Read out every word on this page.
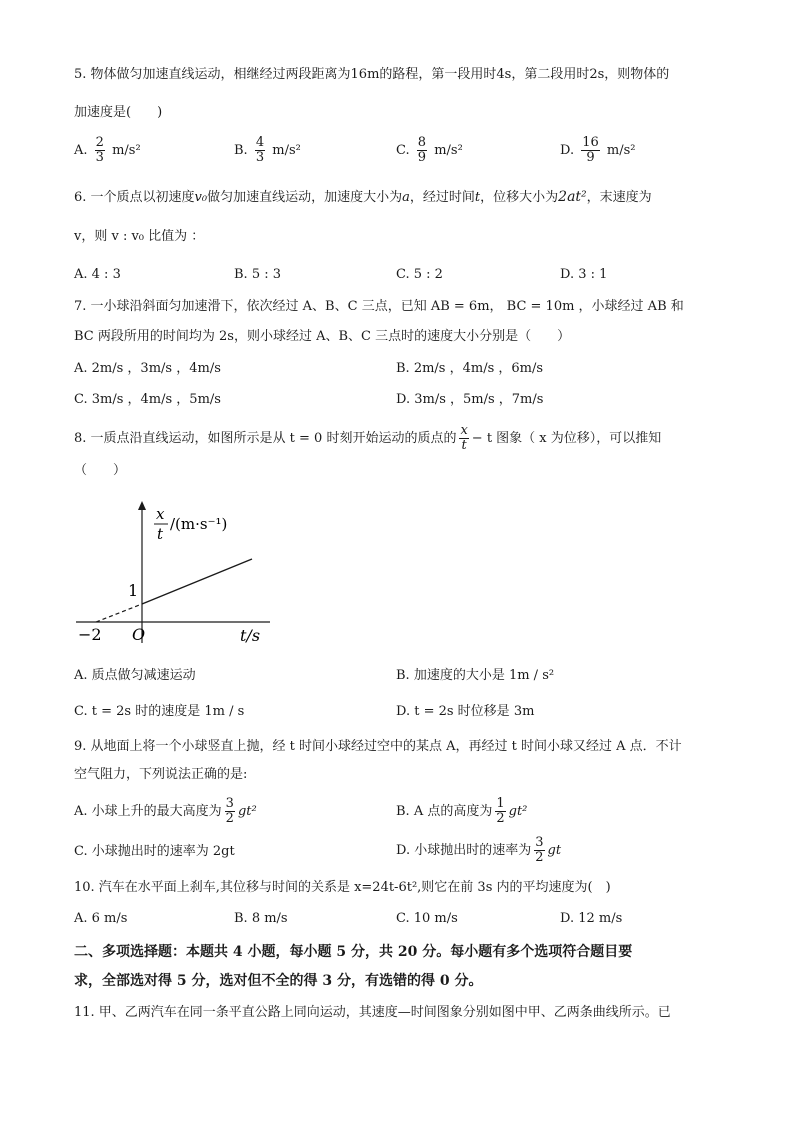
5. 物体做匀加速直线运动，相继经过两段距离为16m的路程，第一段用时4s，第二段用时2s，则物体的
加速度是(　　)
A. $\frac{2}{3} m/s^2$	B. $\frac{4}{3} m/s^2$	C. $\frac{8}{9} m/s^2$	D. $\frac{16}{9} m/s^2$
6. 一个质点以初速度v₀做匀加速直线运动，加速度大小为a，经过时间t，位移大小为2at²，末速度为
v，则 v : v₀ 比值为 ：
A. 4 : 3	B. 5 : 3	C. 5 : 2	D. 3 : 1
7. 一小球沿斜面匀加速滑下，依次经过 A、B、C 三点，已知 AB = 6m， BC = 10m ，小球经过 AB 和
BC 两段所用的时间均为 2s，则小球经过 A、B、C 三点时的速度大小分别是（　　）
A. 2m/s ，3m/s ，4m/s	B. 2m/s ，4m/s ，6m/s
C. 3m/s ，4m/s ，5m/s	D. 3m/s ，5m/s ，7m/s
8. 一质点沿直线运动，如图所示是从 t = 0 时刻开始运动的质点的 $\frac{x}{t} - t$ 图象（ x 为位移），可以推知
（　　）
x
t
/(m·s⁻¹)
1
O
−2	t/s
A. 质点做匀减速运动	B. 加速度的大小是 1m / s²
C. t = 2s 时的速度是 1m / s	D. t = 2s 时位移是 3m
9. 从地面上将一个小球竖直上抛，经 t 时间小球经过空中的某点 A，再经过 t 时间小球又经过 A 点．不计
空气阻力，下列说法正确的是:
A. 小球上升的最大高度为 $\frac{3}{2} gt^2$	B. A 点的高度为 $\frac{1}{2} gt^2$
C. 小球抛出时的速率为 2gt	D. 小球抛出时的速率为 $\frac{3}{2}$ gt
10. 汽车在水平面上刹车,其位移与时间的关系是 x=24t-6t²,则它在前 3s 内的平均速度为(　)
A. 6 m/s	B. 8 m/s	C. 10 m/s	D. 12 m/s
二、多项选择题：本题共 4 小题，每小题 5 分，共 20 分。每小题有多个选项符合题目要
求，全部选对得 5 分，选对但不全的得 3 分，有选错的得 0 分。
11. 甲、乙两汽车在同一条平直公路上同向运动，其速度—时间图象分别如图中甲、乙两条曲线所示。已
